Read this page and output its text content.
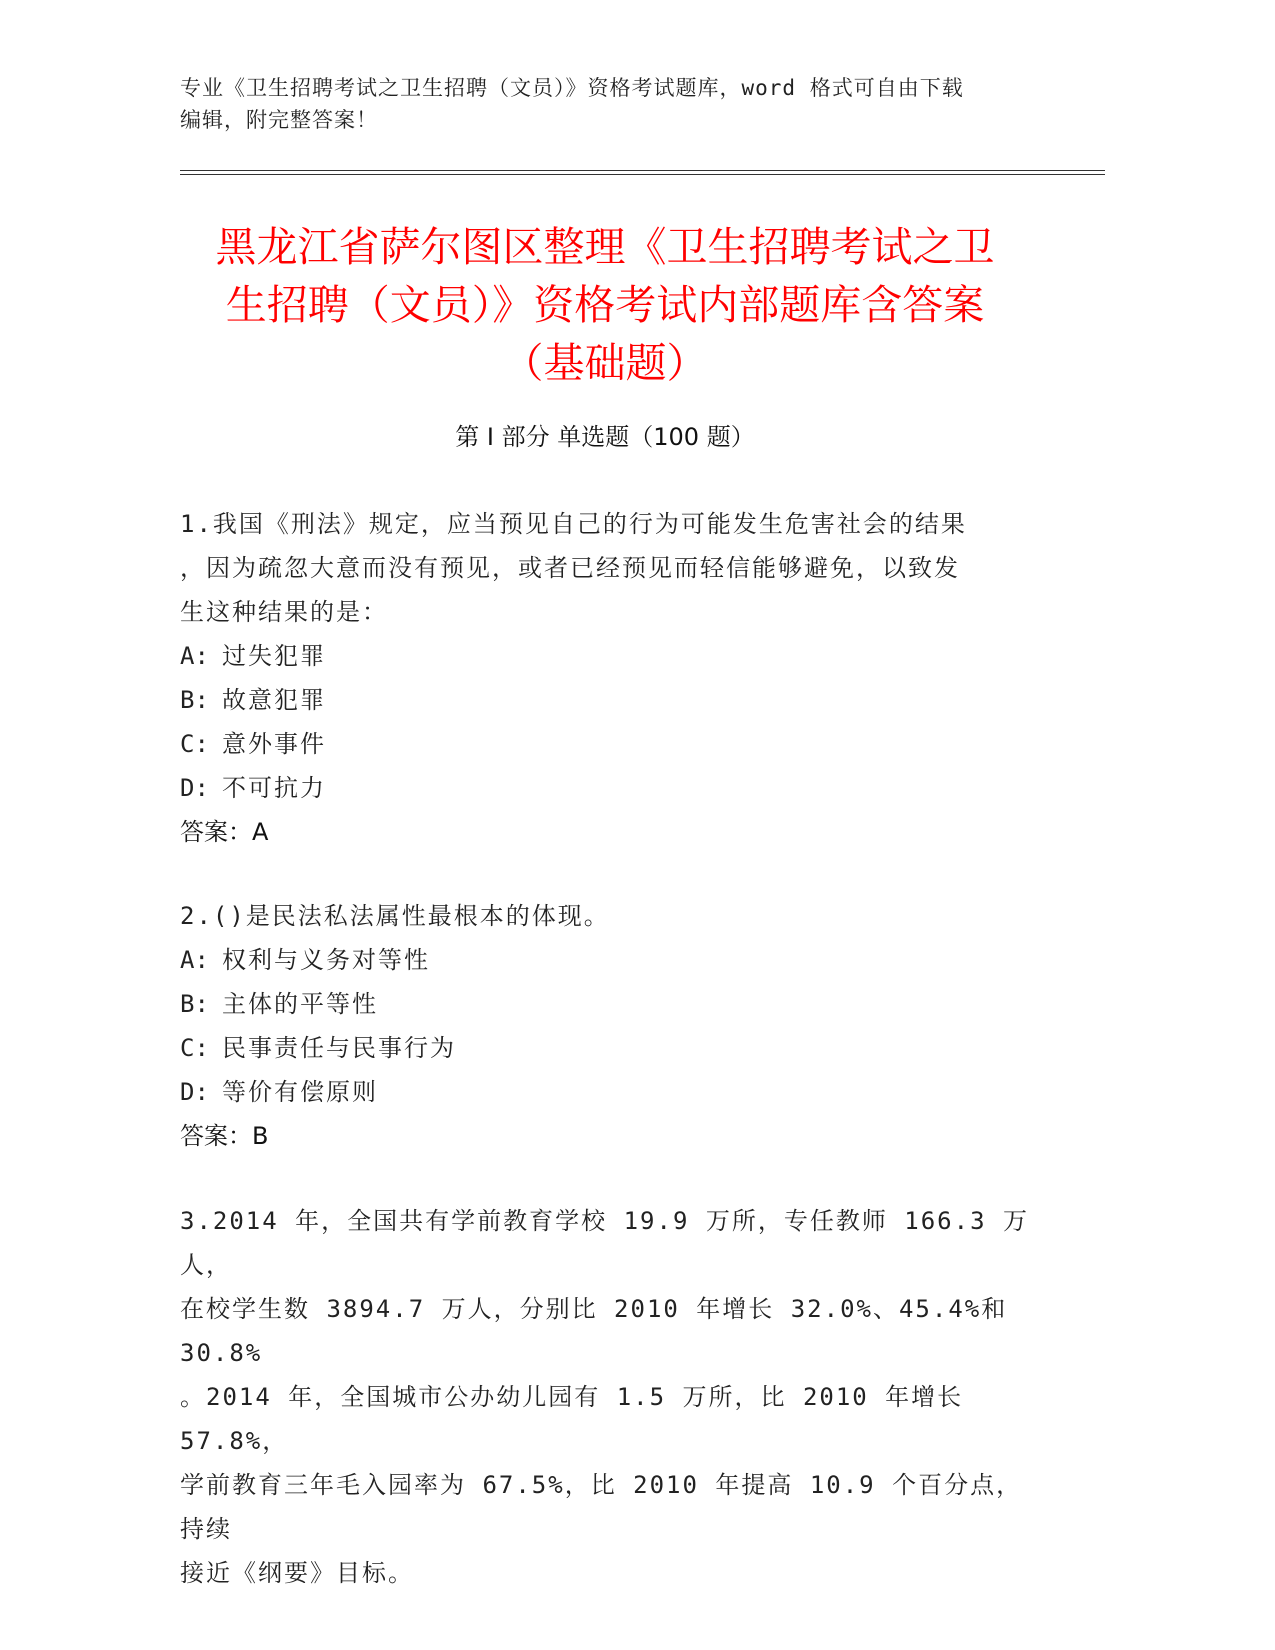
专业《卫生招聘考试之卫生招聘（文员）》资格考试题库，word 格式可自由下载
编辑，附完整答案！
黑龙江省萨尔图区整理《卫生招聘考试之卫
生招聘（文员）》资格考试内部题库含答案
（基础题）
第 I 部分 单选题（100 题）
1.我国《刑法》规定，应当预见自己的行为可能发生危害社会的结果
，因为疏忽大意而没有预见，或者已经预见而轻信能够避免，以致发
生这种结果的是：
A: 过失犯罪
B: 故意犯罪
C: 意外事件
D: 不可抗力
答案：A
2.()是民法私法属性最根本的体现。
A: 权利与义务对等性
B: 主体的平等性
C: 民事责任与民事行为
D: 等价有偿原则
答案：B
3.2014 年，全国共有学前教育学校 19.9 万所，专任教师 166.3 万人，
在校学生数 3894.7 万人，分别比 2010 年增长 32.0%、45.4%和 30.8%
。2014 年，全国城市公办幼儿园有 1.5 万所，比 2010 年增长 57.8%，
学前教育三年毛入园率为 67.5%，比 2010 年提高 10.9 个百分点，持续
接近《纲要》目标。
